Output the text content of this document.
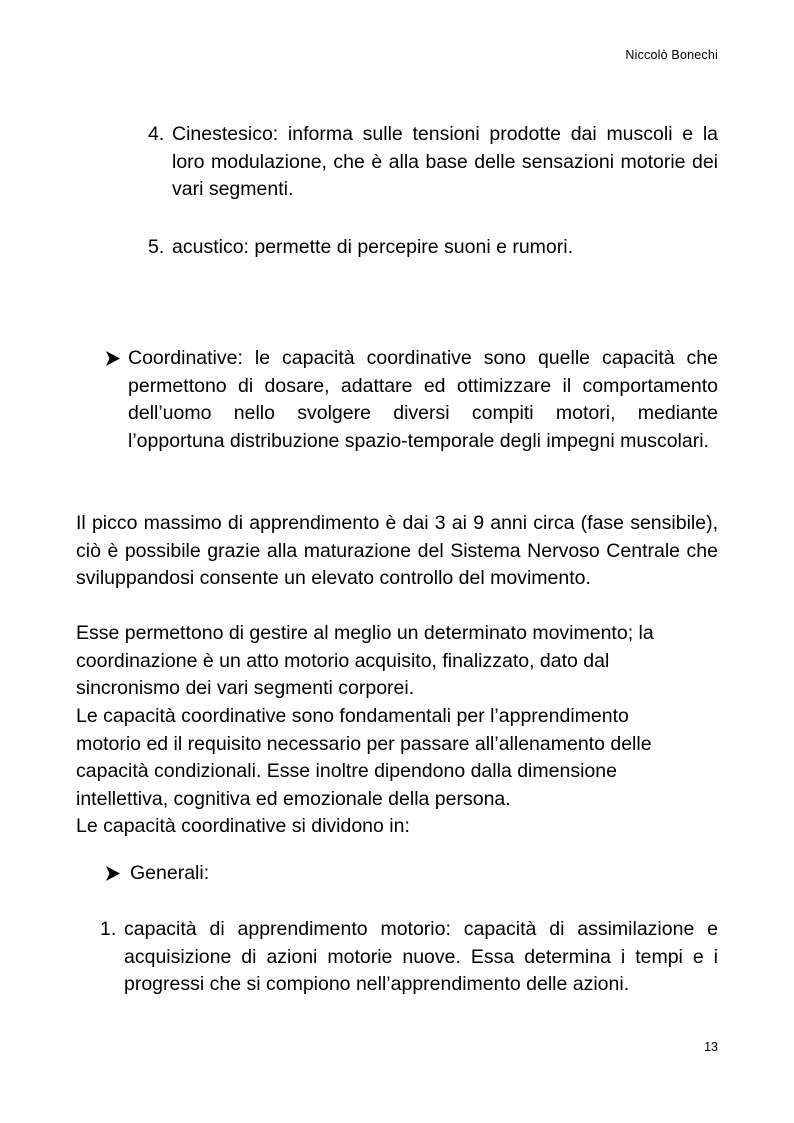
Niccolò Bonechi
4. Cinestesico: informa sulle tensioni prodotte dai muscoli e la loro modulazione, che è alla base delle sensazioni motorie dei vari segmenti.
5. acustico: permette di percepire suoni e rumori.
Coordinative: le capacità coordinative sono quelle capacità che permettono di dosare, adattare ed ottimizzare il comportamento dell’uomo nello svolgere diversi compiti motori, mediante l’opportuna distribuzione spazio-temporale degli impegni muscolari.
Il picco massimo di apprendimento è dai 3 ai 9 anni circa (fase sensibile), ciò è possibile grazie alla maturazione del Sistema Nervoso Centrale che sviluppandosi consente un elevato controllo del movimento.
Esse permettono di gestire al meglio un determinato movimento; la
coordinazione è un atto motorio acquisito, finalizzato, dato dal
sincronismo dei vari segmenti corporei.
Le capacità coordinative sono fondamentali per l’apprendimento
motorio ed il requisito necessario per passare all’allenamento delle
capacità condizionali. Esse inoltre dipendono dalla dimensione
intellettiva, cognitiva ed emozionale della persona.
Le capacità coordinative si dividono in:
Generali:
1. capacità di apprendimento motorio: capacità di assimilazione e acquisizione di azioni motorie nuove. Essa determina i tempi e i progressi che si compiono nell’apprendimento delle azioni.
13
